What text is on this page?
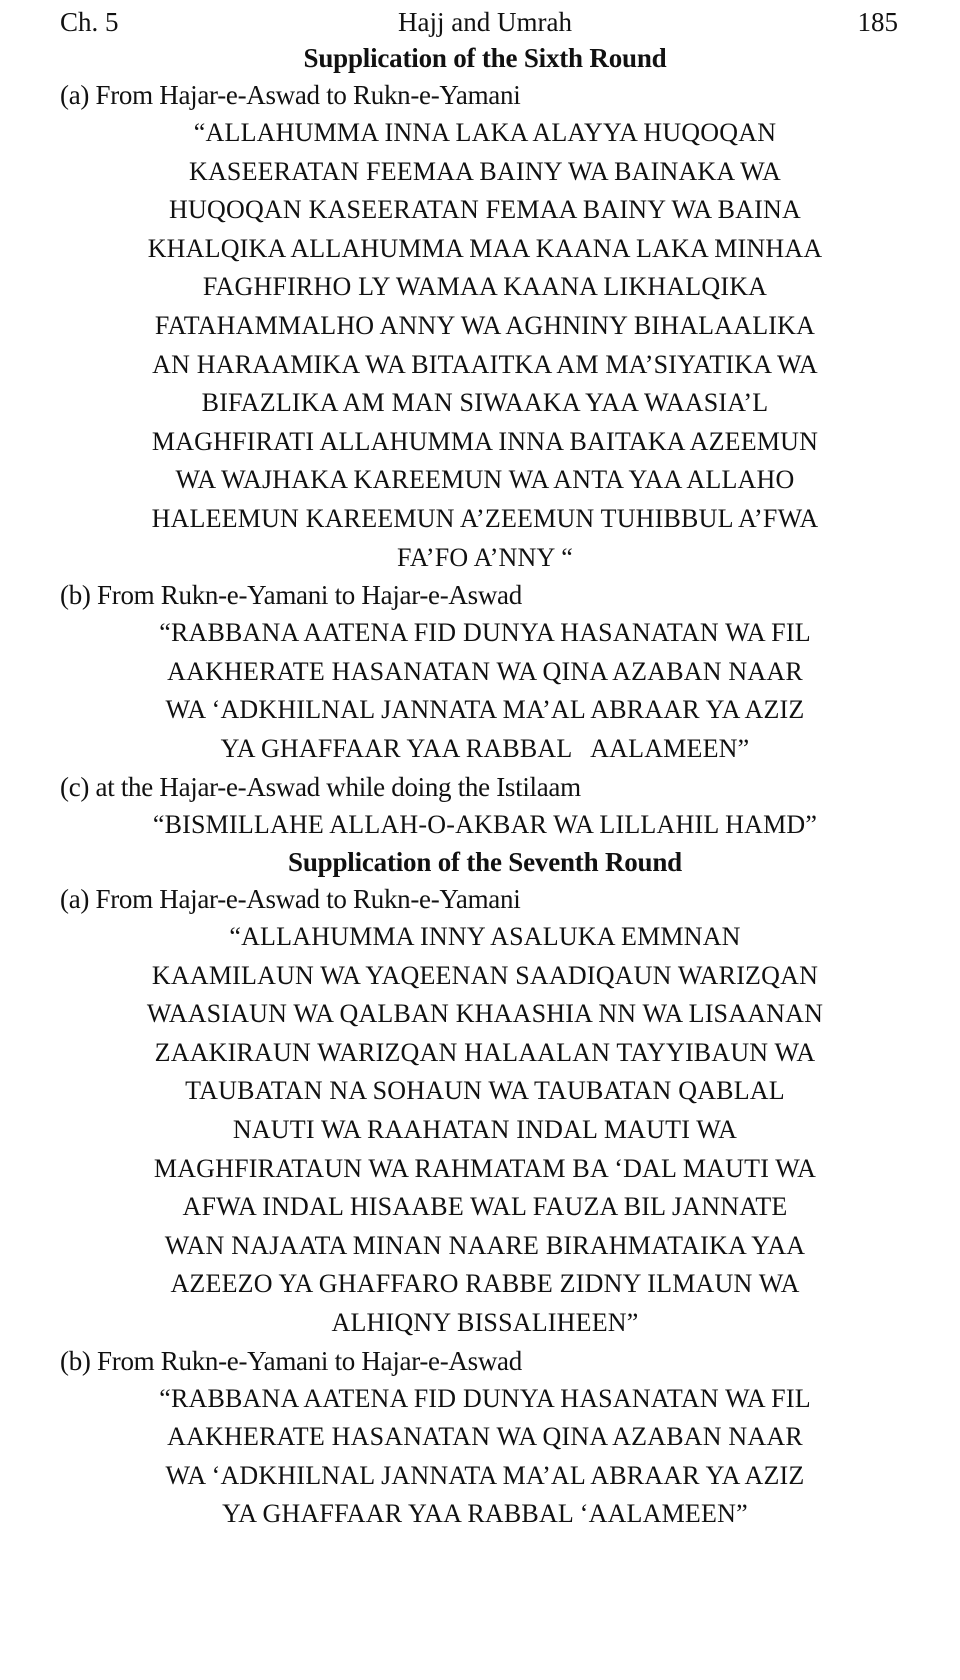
Ch. 5	Hajj and Umrah	185
Supplication of the Sixth Round

(a) From Hajar-e-Aswad to Rukn-e-Yamani

“ALLAHUMMA INNA LAKA ALAYYA HUQOQAN
KASEERATAN FEEMAA BAINY WA BAINAKA WA
HUQOQAN KASEERATAN FEMAA BAINY WA BAINA
KHALQIKA ALLAHUMMA MAA KAANA LAKA MINHAA
FAGHFIRHO LY WAMAA KAANA LIKHALQIKA
FATAHAMMALHO ANNY WA AGHNINY BIHALAALIKA
AN HARAAMIKA WA BITAAITKA AM MA’SIYATIKA WA
BIFAZLIKA AM MAN SIWAAKA YAA WAASIA’L
MAGHFIRATI ALLAHUMMA INNA BAITAKA AZEEMUN
WA WAJHAKA KAREEMUN WA ANTA YAA ALLAHO
HALEEMUN KAREEMUN A’ZEEMUN TUHIBBUL A’FWA
FA’FO A’NNY “

(b) From Rukn-e-Yamani to Hajar-e-Aswad

“RABBANA AATENA FID DUNYA HASANATAN WA FIL
AAKHERATE HASANATAN WA QINA AZABAN NAAR
WA ‘ADKHILNAL JANNATA MA’AL ABRAAR YA AZIZ
YA GHAFFAAR YAA RABBAL   AALAMEEN”

(c) at the Hajar-e-Aswad while doing the Istilaam

“BISMILLAHE ALLAH-O-AKBAR WA LILLAHIL HAMD”

Supplication of the Seventh Round

(a) From Hajar-e-Aswad to Rukn-e-Yamani

“ALLAHUMMA INNY ASALUKA EMMNAN
KAAMILAUN WA YAQEENAN SAADIQAUN WARIZQAN
WAASIAUN WA QALBAN KHAASHIA NN WA LISAANAN
ZAAKIRAUN WARIZQAN HALAALAN TAYYIBAUN WA
TAUBATAN NA SOHAUN WA TAUBATAN QABLAL
NAUTI WA RAAHATAN INDAL MAUTI WA
MAGHFIRATAUN WA RAHMATAM BA ‘DAL MAUTI WA
AFWA INDAL HISAABE WAL FAUZA BIL JANNATE
WAN NAJAATA MINAN NAARE BIRAHMATAIKA YAA
AZEEZO YA GHAFFARO RABBE ZIDNY ILMAUN WA
ALHIQNY BISSALIHEEN”

(b) From Rukn-e-Yamani to Hajar-e-Aswad

“RABBANA AATENA FID DUNYA HASANATAN WA FIL
AAKHERATE HASANATAN WA QINA AZABAN NAAR
WA ‘ADKHILNAL JANNATA MA’AL ABRAAR YA AZIZ
YA GHAFFAAR YAA RABBAL ‘AALAMEEN”
